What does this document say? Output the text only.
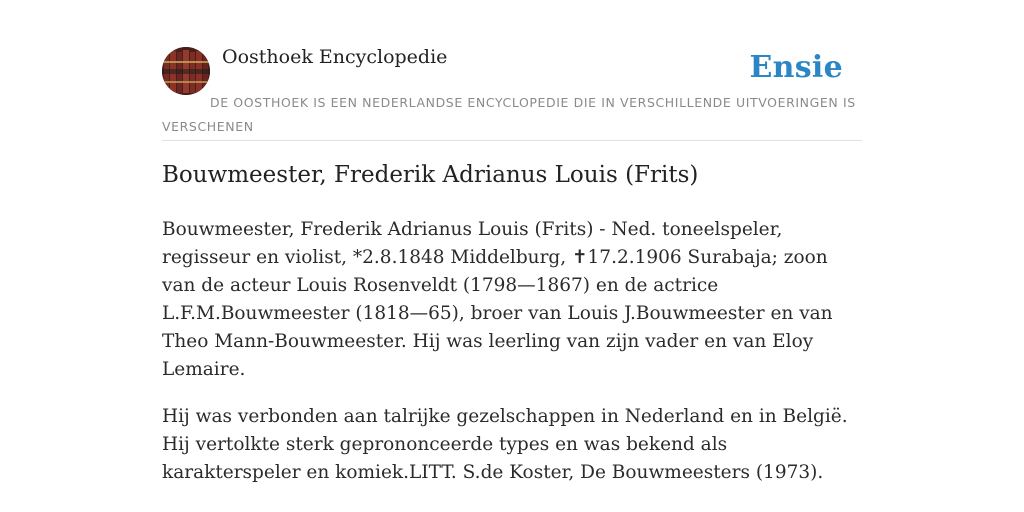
Oosthoek Encyclopedie	Ensie
DE OOSTHOEK IS EEN NEDERLANDSE ENCYCLOPEDIE DIE IN VERSCHILLENDE UITVOERINGEN IS VERSCHENEN
Bouwmeester, Frederik Adrianus Louis (Frits)

Bouwmeester, Frederik Adrianus Louis (Frits) - Ned. toneelspeler, regisseur en violist, *2.8.1848 Middelburg, ✝17.2.1906 Surabaja; zoon van de acteur Louis Rosenveldt (1798—1867) en de actrice L.F.M.Bouwmeester (1818—65), broer van Louis J.Bouwmeester en van Theo Mann-Bouwmeester. Hij was leerling van zijn vader en van Eloy Lemaire.

Hij was verbonden aan talrijke gezelschappen in Nederland en in België. Hij vertolkte sterk geprononceerde types en was bekend als karakterspeler en komiek.LITT. S.de Koster, De Bouwmeesters (1973).
